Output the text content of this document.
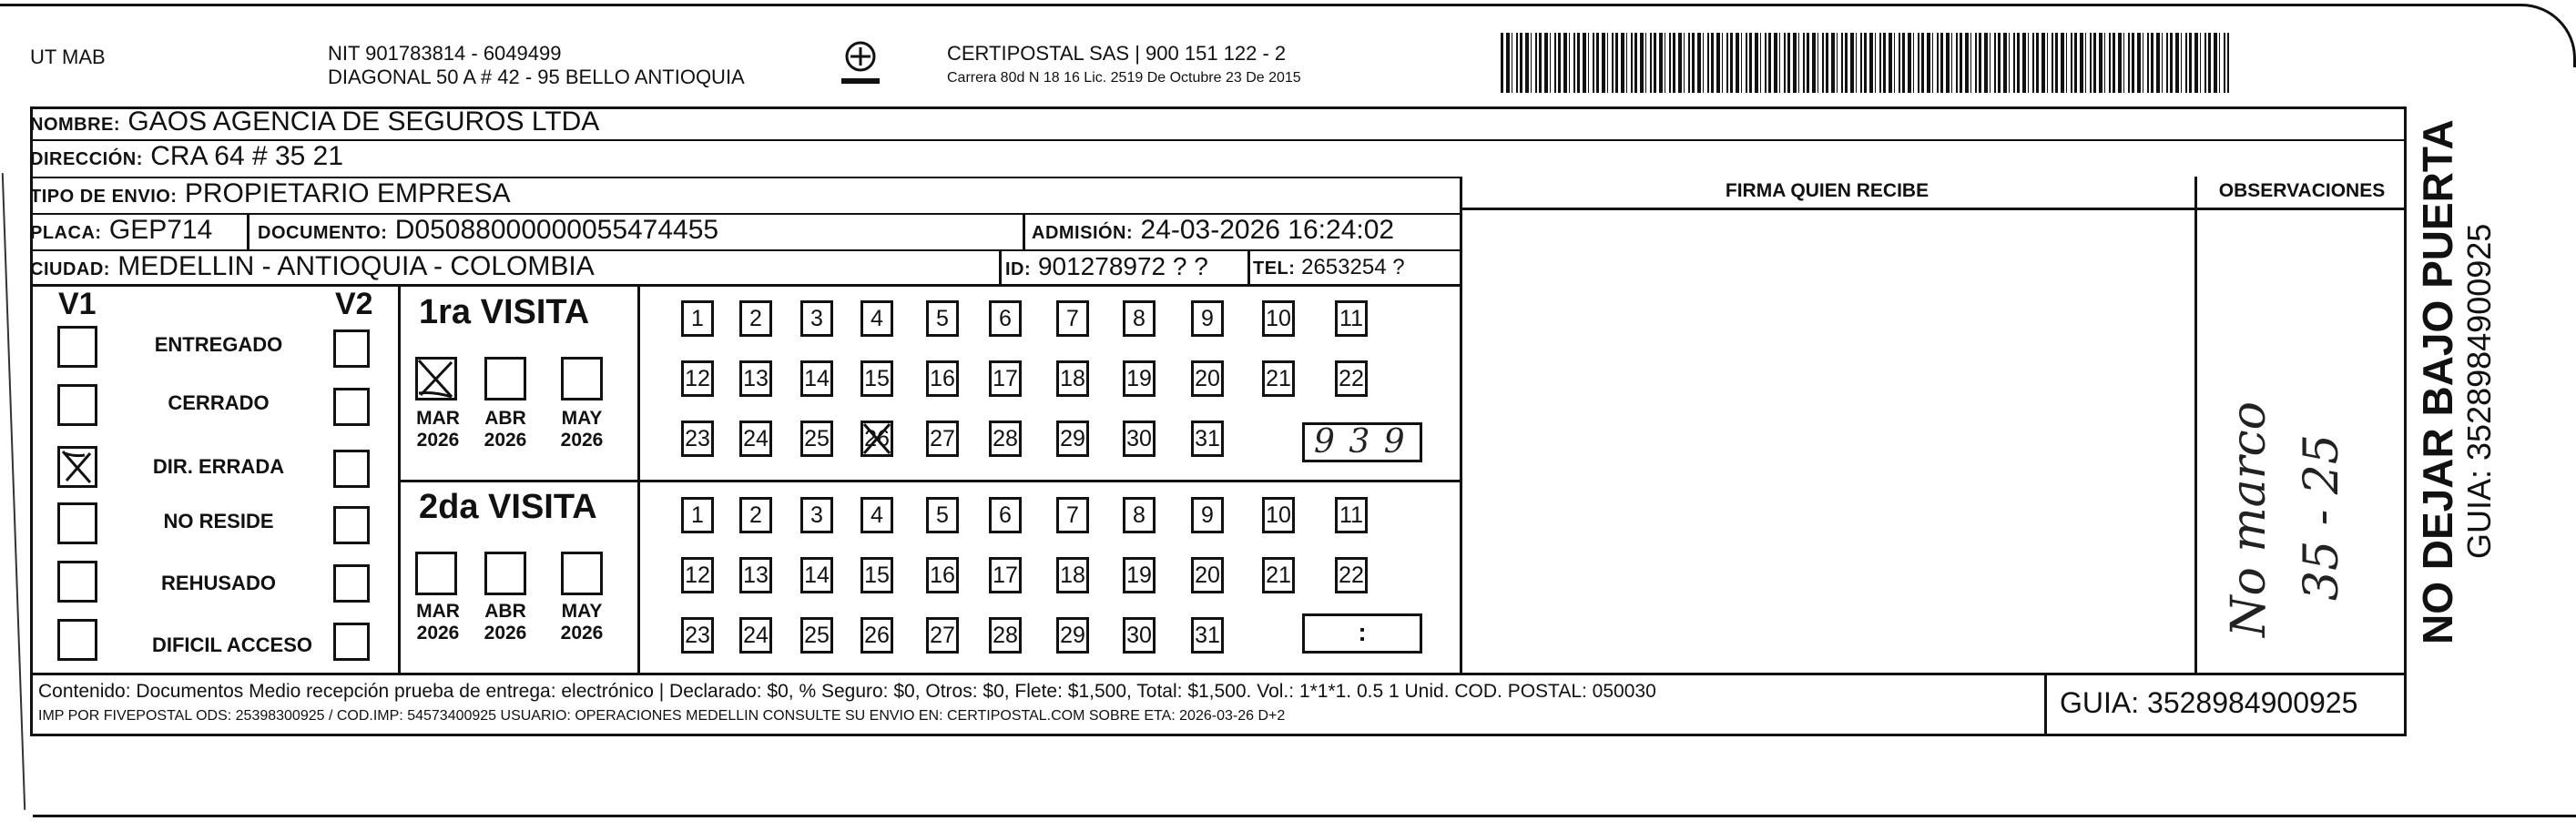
UT MAB	NIT 901783814 - 6049499
DIAGONAL 50 A # 42 - 95 BELLO ANTIOQUIA
CERTIPOSTAL SAS | 900 151 122 - 2
Carrera 80d N 18 16 Lic. 2519 De Octubre 23 De 2015
NOMBRE: GAOS AGENCIA DE SEGUROS LTDA
DIRECCIÓN: CRA 64 # 35 21
TIPO DE ENVIO: PROPIETARIO EMPRESA
PLACA: GEP714	DOCUMENTO: D05088000000055474455	ADMISIÓN: 24-03-2026 16:24:02
CIUDAD: MEDELLIN - ANTIOQUIA - COLOMBIA	ID: 901278972 ? ? TEL: 2653254 ?
FIRMA QUIEN RECIBE	OBSERVACIONES
V1	V2
ENTREGADO
CERRADO
DIR. ERRADA
NO RESIDE
REHUSADO
DIFICIL ACCESO
1ra VISITA
MAR
2026
ABR
2026
MAY
2026
2da VISITA
MAR
2026
ABR
2026
MAY
2026
1	2	3	4	5	6	7	8	9	10 11
12 13 14 15 16 17 18 19 20 21 22
23 24 25 26 27 28 29 30 31
1	2	3	4	5	6	7	8	9	10 11
12 13 14 15 16 17 18 19 20 21 22
23 24 25 26 27 28 29 30 31
9 3 9
:	No marco 35 - 25
Contenido: Documentos Medio recepción prueba de entrega: electrónico | Declarado: $0, % Seguro: $0, Otros: $0, Flete: $1,500, Total: $1,500. Vol.: 1*1*1. 0.5 1 Unid. COD. POSTAL: 050030
IMP POR FIVEPOSTAL ODS: 25398300925 / COD.IMP: 54573400925 USUARIO: OPERACIONES MEDELLIN CONSULTE SU ENVIO EN: CERTIPOSTAL.COM SOBRE ETA: 2026-03-26 D+2	GUIA: 3528984900925
NO DEJAR BAJO PUERTA GUIA: 3528984900925
